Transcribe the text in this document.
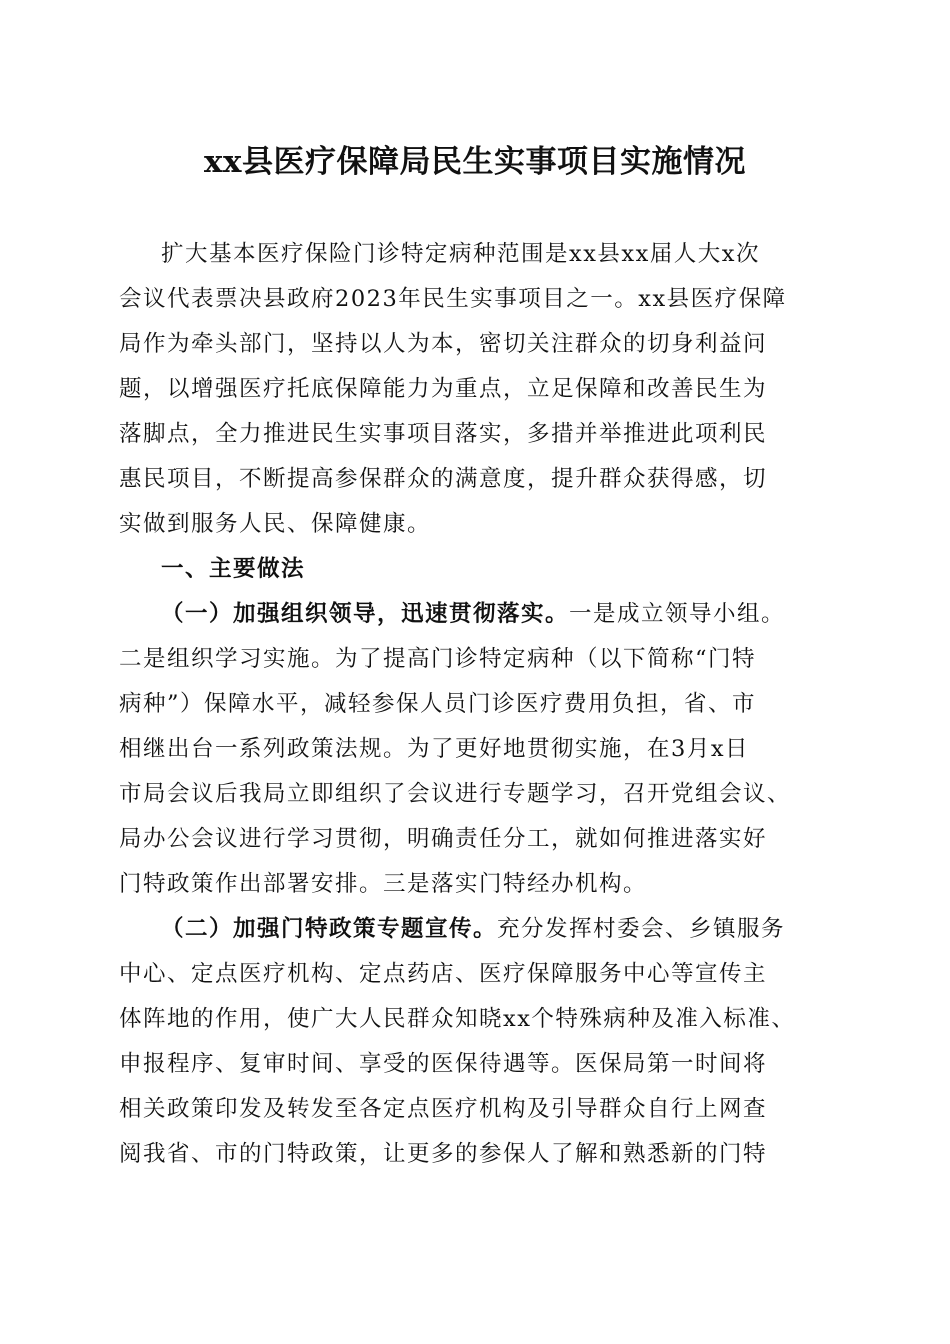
xx县医疗保障局民生实事项目实施情况
扩大基本医疗保险门诊特定病种范围是xx县xx届人大x次
会议代表票决县政府2023年民生实事项目之一。xx县医疗保障
局作为牵头部门，坚持以人为本，密切关注群众的切身利益问
题，以增强医疗托底保障能力为重点，立足保障和改善民生为
落脚点，全力推进民生实事项目落实，多措并举推进此项利民
惠民项目，不断提高参保群众的满意度，提升群众获得感，切
实做到服务人民、保障健康。
一、主要做法
（一）加强组织领导，迅速贯彻落实。一是成立领导小组。
二是组织学习实施。为了提高门诊特定病种（以下简称“门特
病种”）保障水平，减轻参保人员门诊医疗费用负担，省、市
相继出台一系列政策法规。为了更好地贯彻实施，在3月x日
市局会议后我局立即组织了会议进行专题学习，召开党组会议、
局办公会议进行学习贯彻，明确责任分工，就如何推进落实好
门特政策作出部署安排。三是落实门特经办机构。
（二）加强门特政策专题宣传。充分发挥村委会、乡镇服务
中心、定点医疗机构、定点药店、医疗保障服务中心等宣传主
体阵地的作用，使广大人民群众知晓xx个特殊病种及准入标准、
申报程序、复审时间、享受的医保待遇等。医保局第一时间将
相关政策印发及转发至各定点医疗机构及引导群众自行上网查
阅我省、市的门特政策，让更多的参保人了解和熟悉新的门特
